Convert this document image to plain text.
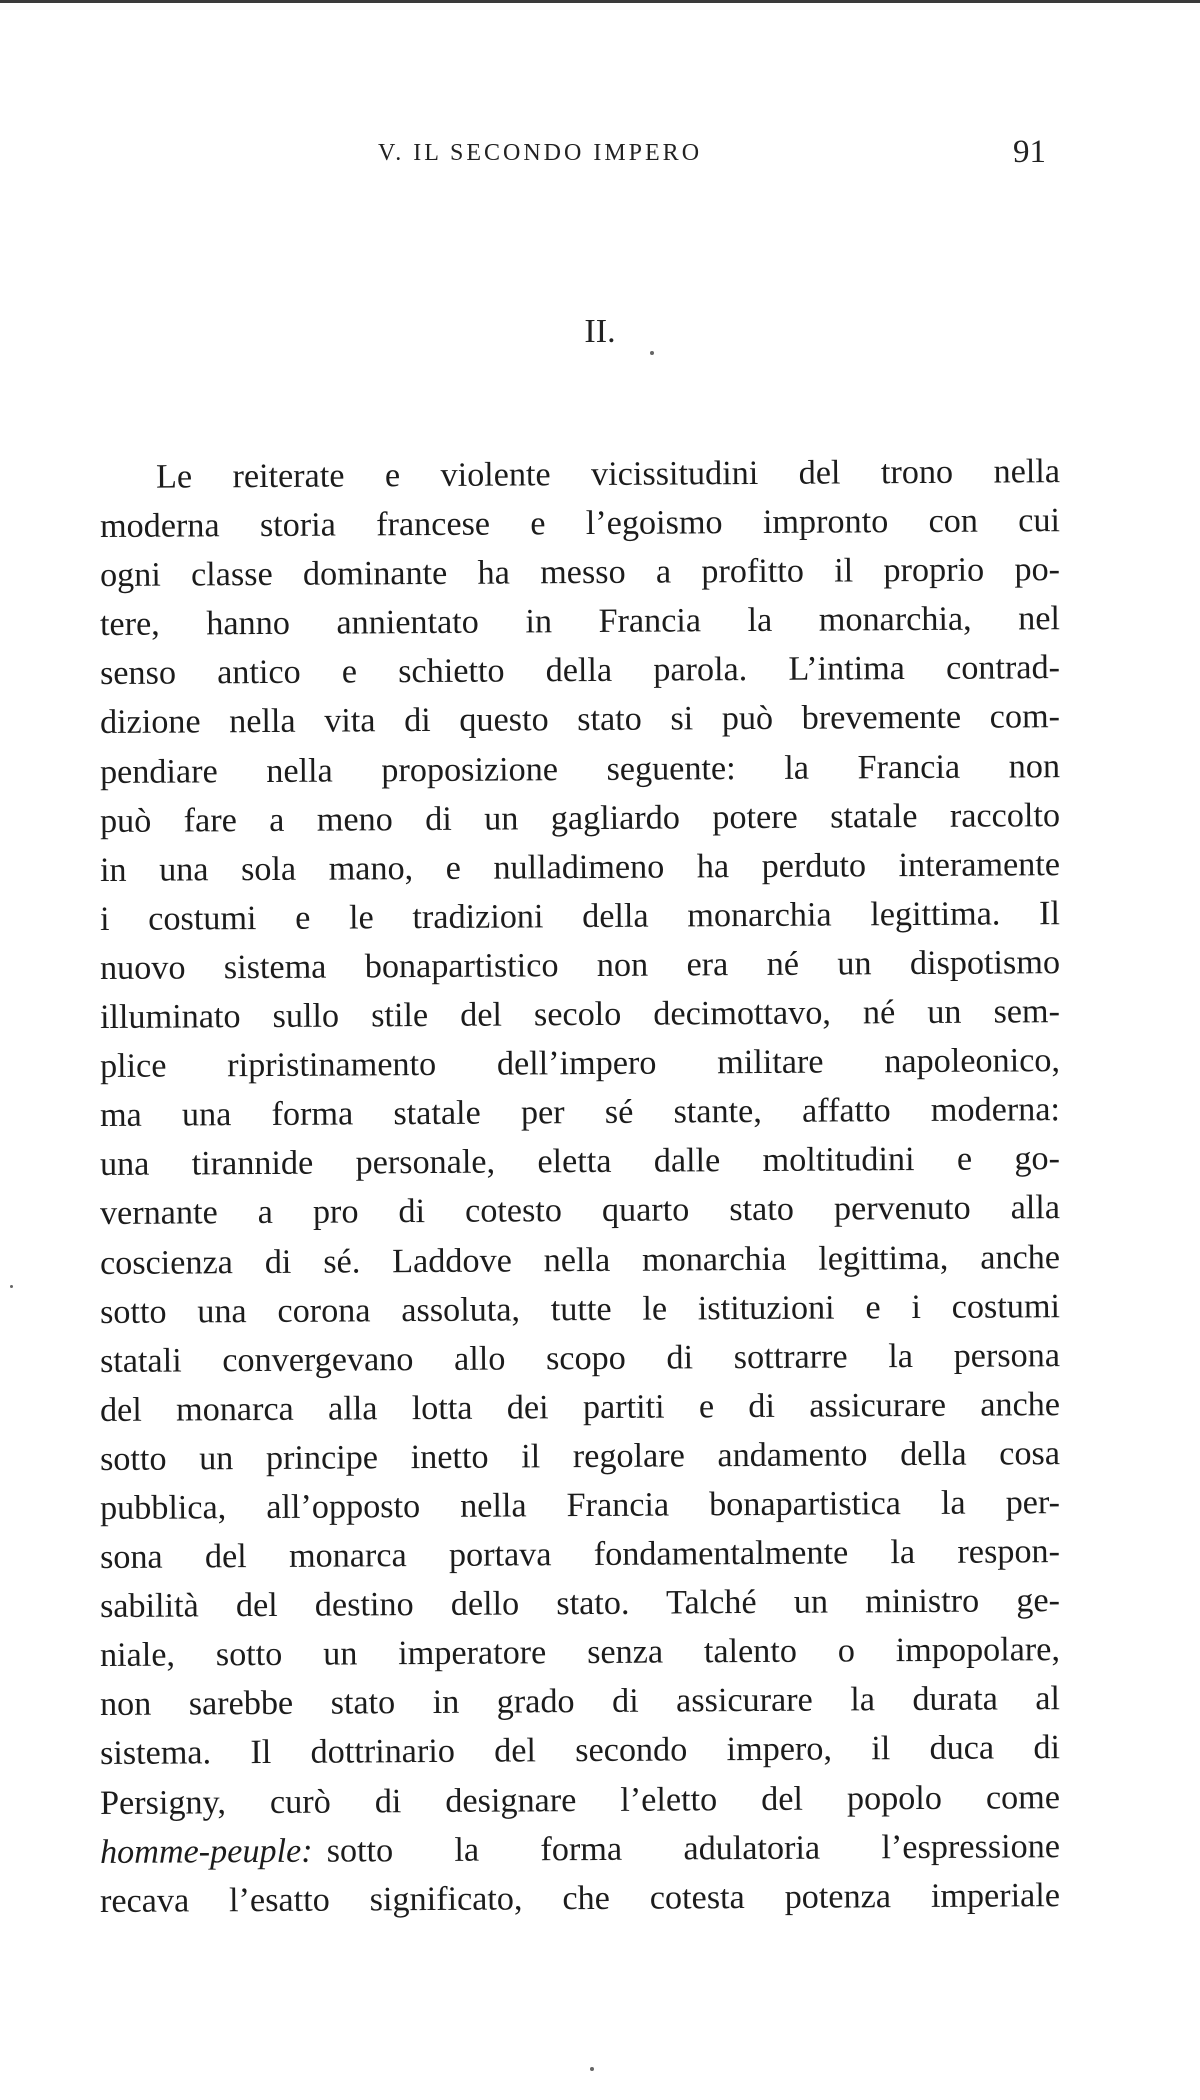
V. IL SECONDO IMPERO	91
II.
Le reiterate e violente vicissitudini del trono nella
moderna storia francese e l’egoismo impronto con cui
ogni classe dominante ha messo a profitto il proprio po-
tere, hanno annientato in Francia la monarchia, nel
senso antico e schietto della parola. L’intima contrad-
dizione nella vita di questo stato si può brevemente com-
pendiare nella proposizione seguente: la Francia non
può fare a meno di un gagliardo potere statale raccolto
in una sola mano, e nulladimeno ha perduto interamente
i costumi e le tradizioni della monarchia legittima. Il
nuovo sistema bonapartistico non era né un dispotismo
illuminato sullo stile del secolo decimottavo, né un sem-
plice ripristinamento dell’impero militare napoleonico,
ma una forma statale per sé stante, affatto moderna:
una tirannide personale, eletta dalle moltitudini e go-
vernante a pro di cotesto quarto stato pervenuto alla
coscienza di sé. Laddove nella monarchia legittima, anche
sotto una corona assoluta, tutte le istituzioni e i costumi
statali convergevano allo scopo di sottrarre la persona
del monarca alla lotta dei partiti e di assicurare anche
sotto un principe inetto il regolare andamento della cosa
pubblica, all’opposto nella Francia bonapartistica la per-
sona del monarca portava fondamentalmente la respon-
sabilità del destino dello stato. Talché un ministro ge-
niale, sotto un imperatore senza talento o impopolare,
non sarebbe stato in grado di assicurare la durata al
sistema. Il dottrinario del secondo impero, il duca di
Persigny, curò di designare l’eletto del popolo come
homme-peuple: sotto la forma adulatoria l’espressione
recava l’esatto significato, che cotesta potenza imperiale
